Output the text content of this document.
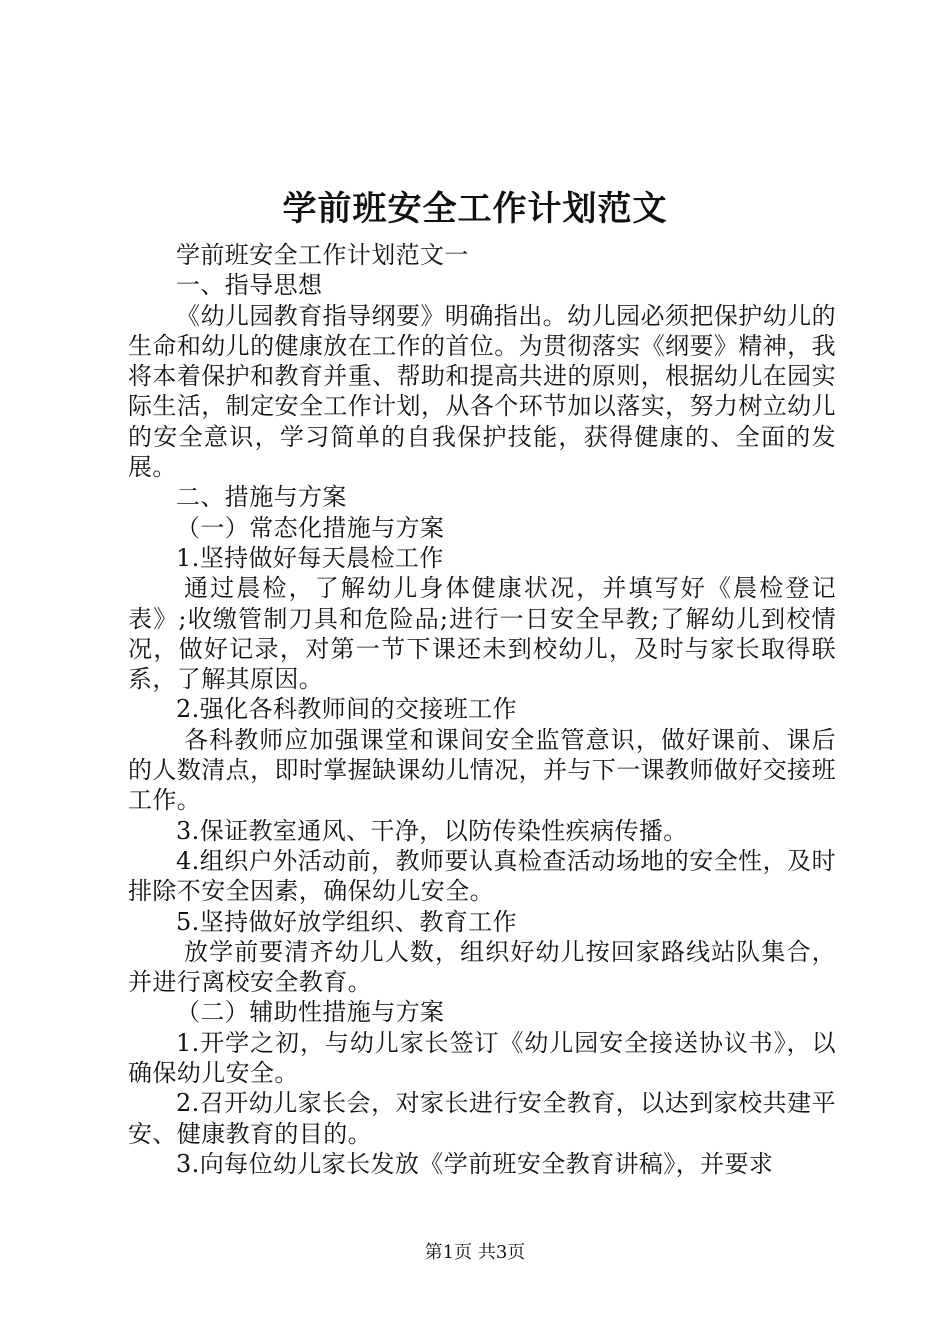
学前班安全工作计划范文

学前班安全工作计划范文一

一、指导思想

《幼儿园教育指导纲要》明确指出。幼儿园必须把保护幼儿的生命和幼儿的健康放在工作的首位。为贯彻落实《纲要》精神，我将本着保护和教育并重、帮助和提高共进的原则，根据幼儿在园实际生活，制定安全工作计划，从各个环节加以落实，努力树立幼儿的安全意识，学习简单的自我保护技能，获得健康的、全面的发展。

二、措施与方案

（一）常态化措施与方案

1.坚持做好每天晨检工作

通过晨检，了解幼儿身体健康状况，并填写好《晨检登记表》;收缴管制刀具和危险品;进行一日安全早教;了解幼儿到校情况，做好记录，对第一节下课还未到校幼儿，及时与家长取得联系，了解其原因。

2.强化各科教师间的交接班工作

各科教师应加强课堂和课间安全监管意识，做好课前、课后的人数清点，即时掌握缺课幼儿情况，并与下一课教师做好交接班工作。

3.保证教室通风、干净，以防传染性疾病传播。

4.组织户外活动前，教师要认真检查活动场地的安全性，及时排除不安全因素，确保幼儿安全。

5.坚持做好放学组织、教育工作

放学前要清齐幼儿人数，组织好幼儿按回家路线站队集合，并进行离校安全教育。

（二）辅助性措施与方案

1.开学之初，与幼儿家长签订《幼儿园安全接送协议书》，以确保幼儿安全。

2.召开幼儿家长会，对家长进行安全教育，以达到家校共建平安、健康教育的目的。

3.向每位幼儿家长发放《学前班安全教育讲稿》，并要求

第1页 共3页
